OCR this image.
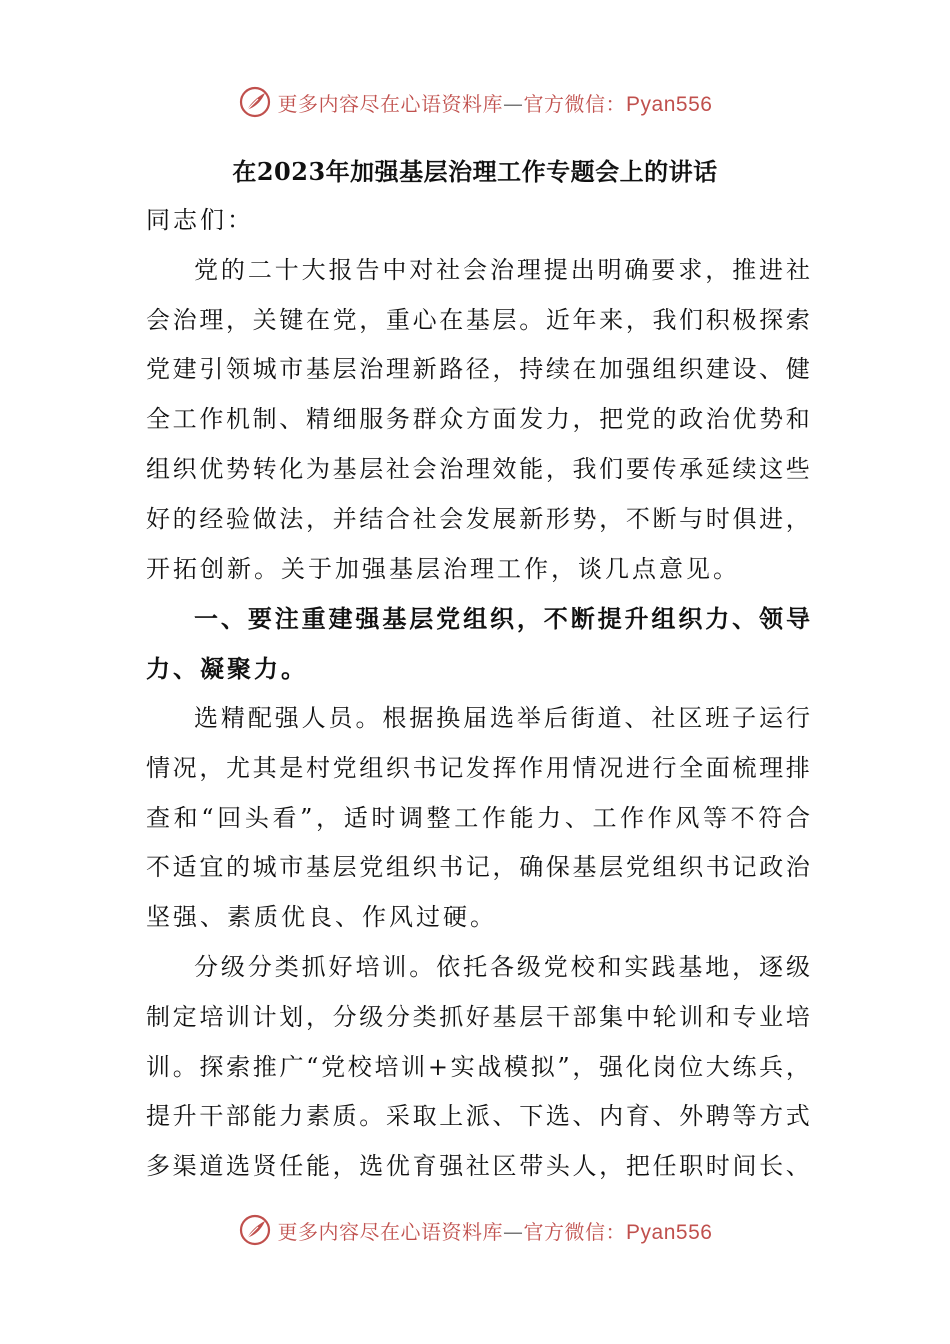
更多内容尽在心语资料库—官方微信：Pyan556
在2023年加强基层治理工作专题会上的讲话
同志们：
党 的 二 十 大 报 告 中 对 社 会 治 理 提 出 明 确 要 求 ， 推 进 社
会 治 理 ， 关 键 在 党 ， 重 心 在 基 层 。 近 年 来 ， 我 们 积 极 探 索
党 建 引 领 城 市 基 层 治 理 新 路 径 ， 持 续 在 加 强 组 织 建 设 、 健
全 工 作 机 制 、 精 细 服 务 群 众 方 面 发 力 ， 把 党 的 政 治 优 势 和
组 织 优 势 转 化 为 基 层 社 会 治 理 效 能 ， 我 们 要 传 承 延 续 这 些
好 的 经 验 做 法 ， 并 结 合 社 会 发 展 新 形 势 ， 不 断 与 时 俱 进 ，
开拓创新。关于加强基层治理工作，谈几点意见。
一 、 要 注 重 建 强 基 层 党 组 织 ， 不 断 提 升 组 织 力 、 领 导
力、凝聚力。
选 精 配 强 人 员 。 根 据 换 届 选 举 后 街 道 、 社 区 班 子 运 行
情 况 ， 尤 其 是 村 党 组 织 书 记 发 挥 作 用 情 况 进 行 全 面 梳 理 排
查 和 “ 回 头 看 ” ， 适 时 调 整 工 作 能 力 、 工 作 作 风 等 不 符 合
不 适 宜 的 城 市 基 层 党 组 织 书 记 ， 确 保 基 层 党 组 织 书 记 政 治
坚强、素质优良、作风过硬。
分 级 分 类 抓 好 培 训 。 依 托 各 级 党 校 和 实 践 基 地 ， 逐 级
制 定 培 训 计 划 ， 分 级 分 类 抓 好 基 层 干 部 集 中 轮 训 和 专 业 培
训 。 探 索 推 广 “ 党 校 培 训 + 实 战 模 拟 ” ， 强 化 岗 位 大 练 兵 ，
提 升 干 部 能 力 素 质 。 采 取 上 派 、 下 选 、 内 育 、 外 聘 等 方 式
多 渠 道 选 贤 任 能 ， 选 优 育 强 社 区 带 头 人 ， 把 任 职 时 间 长 、
更多内容尽在心语资料库—官方微信：Pyan556
